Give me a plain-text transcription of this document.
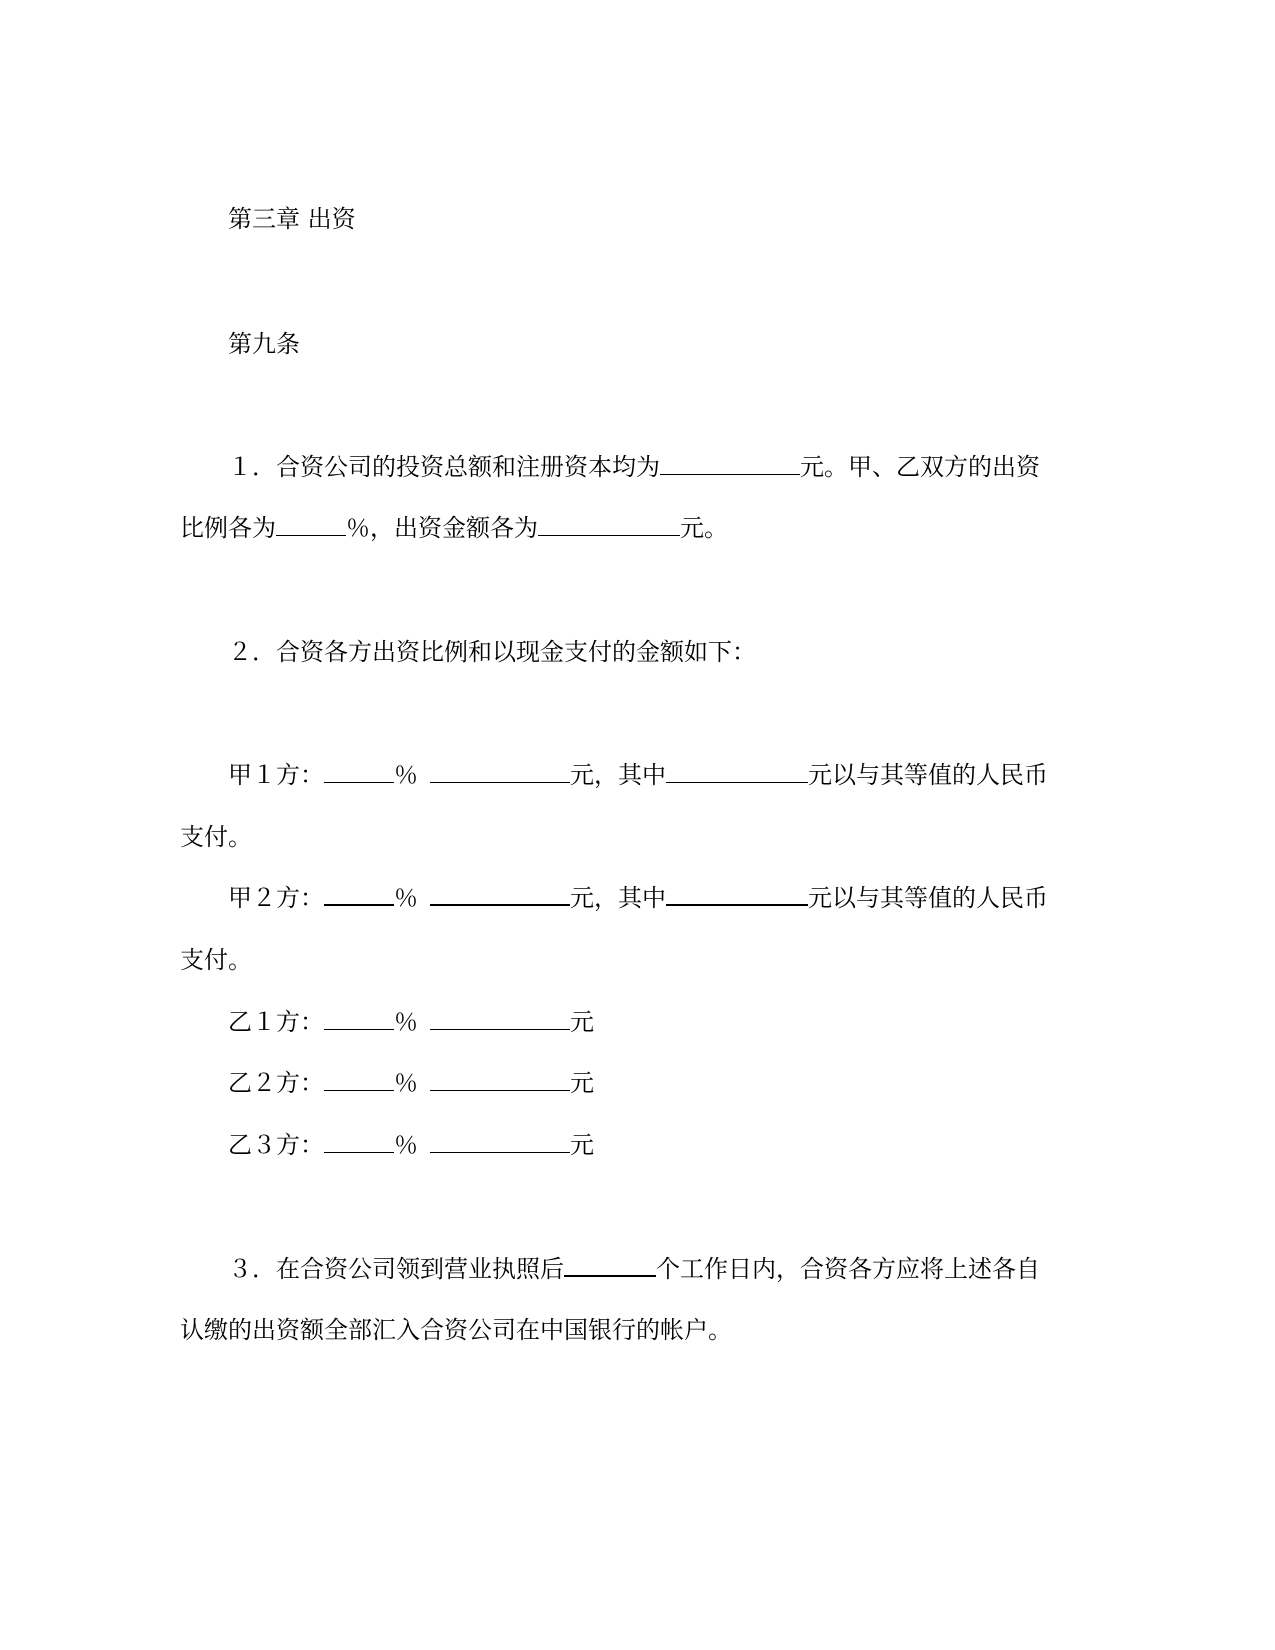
第三章 出资
第九条
１．合资公司的投资总额和注册资本均为	元。甲、乙双方的出资
比例各为	％ ，出资金额各为	元。
２．合资各方出资比例和以现金支付的金额如下：
甲１方：	％	元，其中	元以与其等值的人民币
支付。
甲２方：	％	元，其中	元以与其等值的人民币
支付。
乙１方：	％	元
乙２方：	％	元
乙３方：	％	元
３．在合资公司领到营业执照后	个工作日内，合资各方应将上述各自
认缴的出资额全部汇入合资公司在中国银行的帐户。
